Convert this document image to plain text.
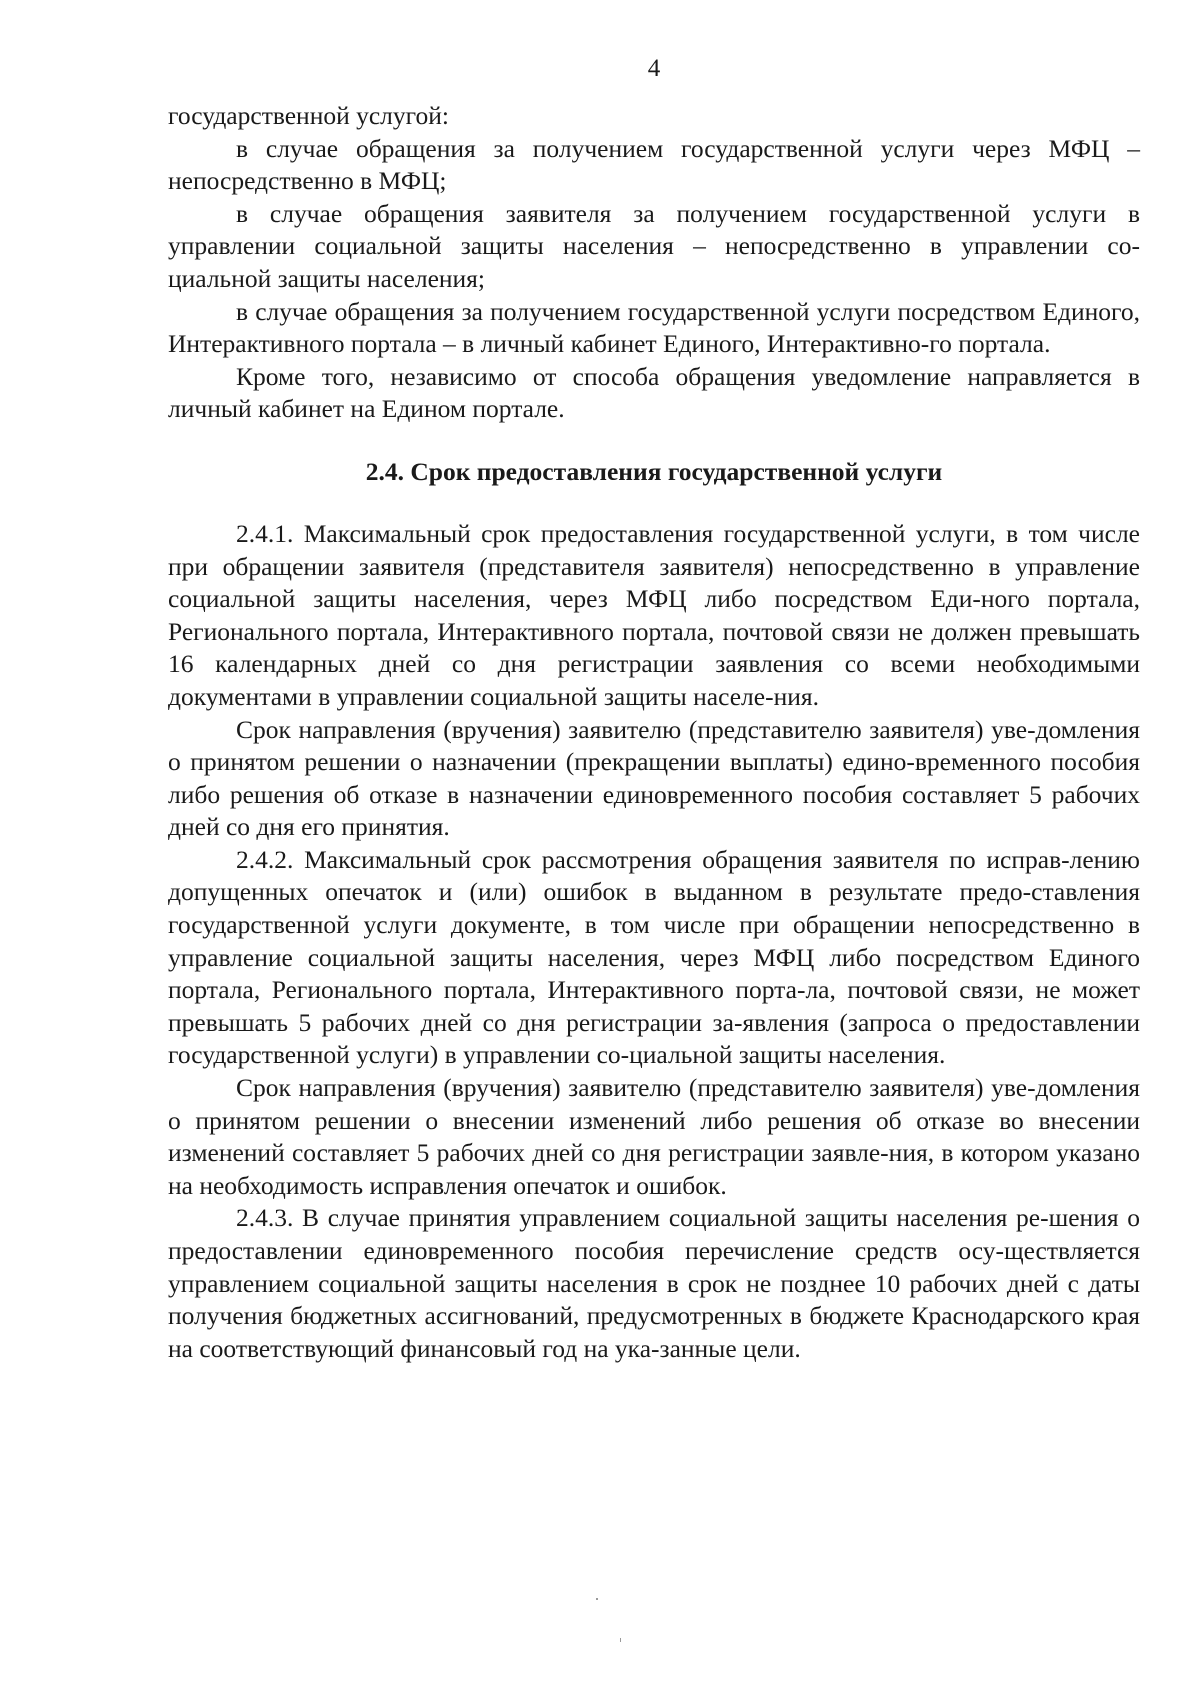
4

государственной услугой:

в случае обращения за получением государственной услуги через МФЦ – непосредственно в МФЦ;

в случае обращения заявителя за получением государственной услуги в управлении социальной защиты населения – непосредственно в управлении со-циальной защиты населения;

в случае обращения за получением государственной услуги посредством Единого, Интерактивного портала – в личный кабинет Единого, Интерактивно-го портала.

Кроме того, независимо от способа обращения уведомление направляется в личный кабинет на Едином портале.

2.4. Срок предоставления государственной услуги

2.4.1. Максимальный срок предоставления государственной услуги, в том числе при обращении заявителя (представителя заявителя) непосредственно в управление социальной защиты населения, через МФЦ либо посредством Еди-ного портала, Регионального портала, Интерактивного портала, почтовой связи не должен превышать 16 календарных дней со дня регистрации заявления со всеми необходимыми документами в управлении социальной защиты населе-ния.

Срок направления (вручения) заявителю (представителю заявителя) уве-домления о принятом решении о назначении (прекращении выплаты) едино-временного пособия либо решения об отказе в назначении единовременного пособия составляет 5 рабочих дней со дня его принятия.

2.4.2. Максимальный срок рассмотрения обращения заявителя по исправ-лению допущенных опечаток и (или) ошибок в выданном в результате предо-ставления государственной услуги документе, в том числе при обращении непосредственно в управление социальной защиты населения, через МФЦ либо посредством Единого портала, Регионального портала, Интерактивного порта-ла, почтовой связи, не может превышать 5 рабочих дней со дня регистрации за-явления (запроса о предоставлении государственной услуги) в управлении со-циальной защиты населения.

Срок направления (вручения) заявителю (представителю заявителя) уве-домления о принятом решении о внесении изменений либо решения об отказе во внесении изменений составляет 5 рабочих дней со дня регистрации заявле-ния, в котором указано на необходимость исправления опечаток и ошибок.

2.4.3. В случае принятия управлением социальной защиты населения ре-шения о предоставлении единовременного пособия перечисление средств осу-ществляется управлением социальной защиты населения в срок не позднее 10 рабочих дней с даты получения бюджетных ассигнований, предусмотренных в бюджете Краснодарского края на соответствующий финансовый год на ука-занные цели.
